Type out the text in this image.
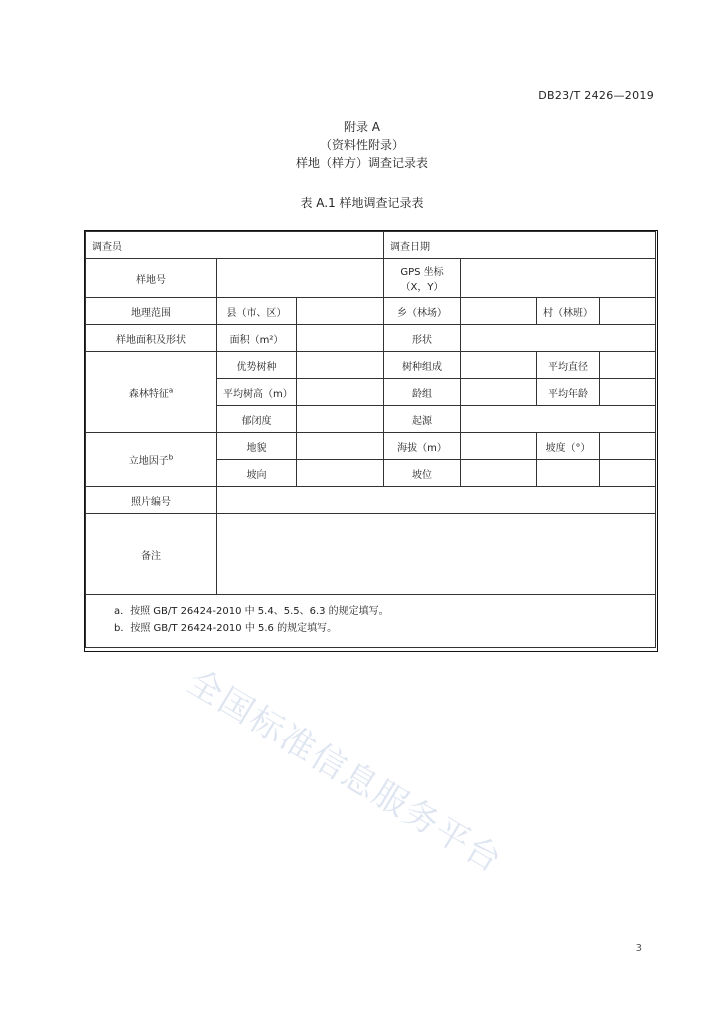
DB23/T 2426—2019
附录 A
（资料性附录）
样地（样方）调查记录表
表 A.1 样地调查记录表
调查员			调查日期			
样地号			GPS 坐标
（X，Y）			

地理范围	县（市、区）		乡（林场）		村（林班）	
样地面积及形状	面积（m²）		形状			
森林特征$^a$	优势树种		树种组成		平均直径	
	平均树高（m）		龄组		平均年龄	
	郁闭度		起源			
立地因子$^b$	地貌		海拔（m）		坡度（°）	
	坡向		坡位			
照片编号						
备注						

a．按照 GB/T 26424-2010 中 5.4、5.5、6.3 的规定填写。
b．按照 GB/T 26424-2010 中 5.6 的规定填写。						
全国标准信息服务平台
3
